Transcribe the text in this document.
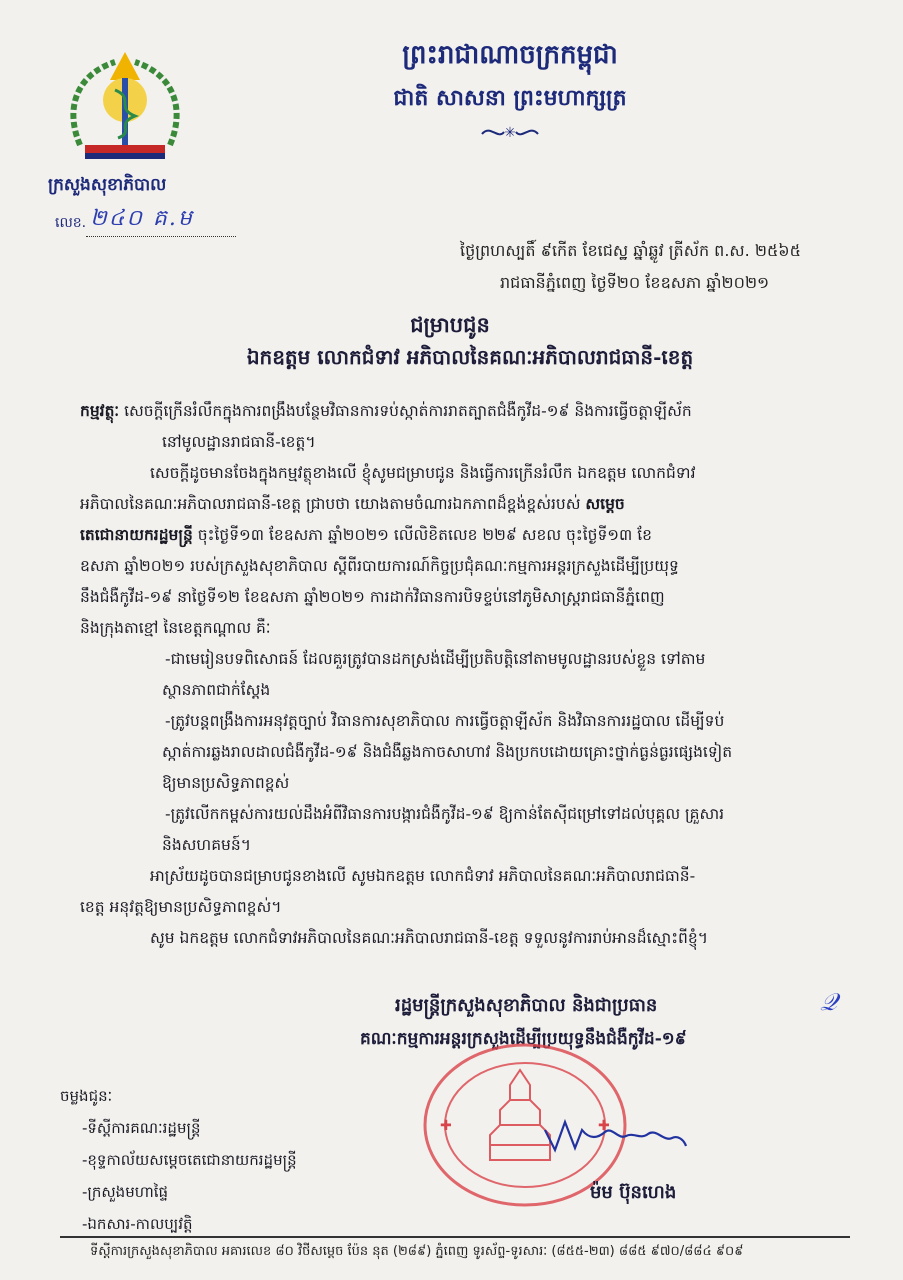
ព្រះរាជាណាចក្រកម្ពុជា
ជាតិ សាសនា ព្រះមហាក្សត្រ
✳
ក្រសួងសុខាភិបាល
លេខ. ២៤០ គ.ម
ថ្ងៃព្រហស្បតិ៍ ៩កើត ខែជេស្ឋ ឆ្នាំឆ្លូវ ត្រីស័ក ព.ស. ២៥៦៥
រាជធានីភ្នំពេញ ថ្ងៃទី២០ ខែឧសភា ឆ្នាំ២០២១
ជម្រាបជូន
ឯកឧត្តម លោកជំទាវ អភិបាលនៃគណៈអភិបាលរាជធានី-ខេត្ត

កម្មវត្ថុៈ សេចក្តីក្រើនរំលឹកក្នុងការពង្រឹងបន្ថែមវិធានការទប់ស្កាត់ការរាតត្បាតជំងឺកូវីដ-១៩ និងការធ្វើចត្តាឡីស័ក

នៅមូលដ្ឋានរាជធានី-ខេត្ត។

សេចក្តីដូចមានចែងក្នុងកម្មវត្ថុខាងលើ ខ្ញុំសូមជម្រាបជូន និងធ្វើការក្រើនរំលឹក ឯកឧត្តម លោកជំទាវ

អភិបាលនៃគណៈអភិបាលរាជធានី-ខេត្ត ជ្រាបថា យោងតាមចំណារឯកភាពដ៏ខ្ពង់ខ្ពស់របស់ សម្តេច

តេជោនាយករដ្ឋមន្ត្រី ចុះថ្ងៃទី១៣ ខែឧសភា ឆ្នាំ២០២១ លើលិខិតលេខ ២២៩ សខល ចុះថ្ងៃទី១៣ ខែ

ឧសភា ឆ្នាំ២០២១ របស់ក្រសួងសុខាភិបាល ស្តីពីរបាយការណ៍កិច្ចប្រជុំគណៈកម្មការអន្តរក្រសួងដើម្បីប្រយុទ្ធ

នឹងជំងឺកូវីដ-១៩ នាថ្ងៃទី១២ ខែឧសភា ឆ្នាំ២០២១ ការដាក់វិធានការបិទខ្ទប់នៅភូមិសាស្ត្ររាជធានីភ្នំពេញ

និងក្រុងតាខ្មៅ នៃខេត្តកណ្តាល គឺៈ

-ជាមេរៀនបទពិសោធន៍ ដែលគួរត្រូវបានដកស្រង់ដើម្បីប្រតិបត្តិនៅតាមមូលដ្ឋានរបស់ខ្លួន ទៅតាម

ស្ថានភាពជាក់ស្តែង

-ត្រូវបន្តពង្រឹងការអនុវត្តច្បាប់ វិធានការសុខាភិបាល ការធ្វើចត្តាឡីស័ក និងវិធានការរដ្ឋបាល ដើម្បីទប់

ស្កាត់ការឆ្លងរាលដាលជំងឺកូវីដ-១៩ និងជំងឺឆ្លងកាចសាហាវ និងប្រកបដោយគ្រោះថ្នាក់ធ្ងន់ធ្ងរផ្សេងទៀត

ឱ្យមានប្រសិទ្ធភាពខ្ពស់

-ត្រូវលើកកម្ពស់ការយល់ដឹងអំពីវិធានការបង្ការជំងឺកូវីដ-១៩ ឱ្យកាន់តែស៊ីជម្រៅទៅដល់បុគ្គល គ្រួសារ

និងសហគមន៍។

អាស្រ័យដូចបានជម្រាបជូនខាងលើ សូមឯកឧត្តម លោកជំទាវ អភិបាលនៃគណៈអភិបាលរាជធានី-

ខេត្ត អនុវត្តឱ្យមានប្រសិទ្ធភាពខ្ពស់។

សូម ឯកឧត្តម លោកជំទាវអភិបាលនៃគណៈអភិបាលរាជធានី-ខេត្ត ទទួលនូវការរាប់អានដ៏ស្មោះពីខ្ញុំ។

រដ្ឋមន្ត្រីក្រសួងសុខាភិបាល និងជាប្រធាន	𝒬
គណៈកម្មការអន្តរក្រសួងដើម្បីប្រយុទ្ធនឹងជំងឺកូវីដ-១៩
✚	✚
ម៉ម ប៊ុនហេង
ចម្លងជូនៈ
-ទីស្តីការគណៈរដ្ឋមន្ត្រី
-ខុទ្ទកាល័យសម្តេចតេជោនាយករដ្ឋមន្ត្រី
-ក្រសួងមហាផ្ទៃ
-ឯកសារ-កាលប្បវត្តិ
ទីស្តីការក្រសួងសុខាភិបាល អគារលេខ ៨០ វិថីសម្តេច ប៉ែន នុត (២៨៩) ភ្នំពេញ ទូរស័ព្ទ-ទូរសារៈ (៨៥៥-២៣) ៨៨៥ ៩៧០/៨៨៤ ៩០៩
